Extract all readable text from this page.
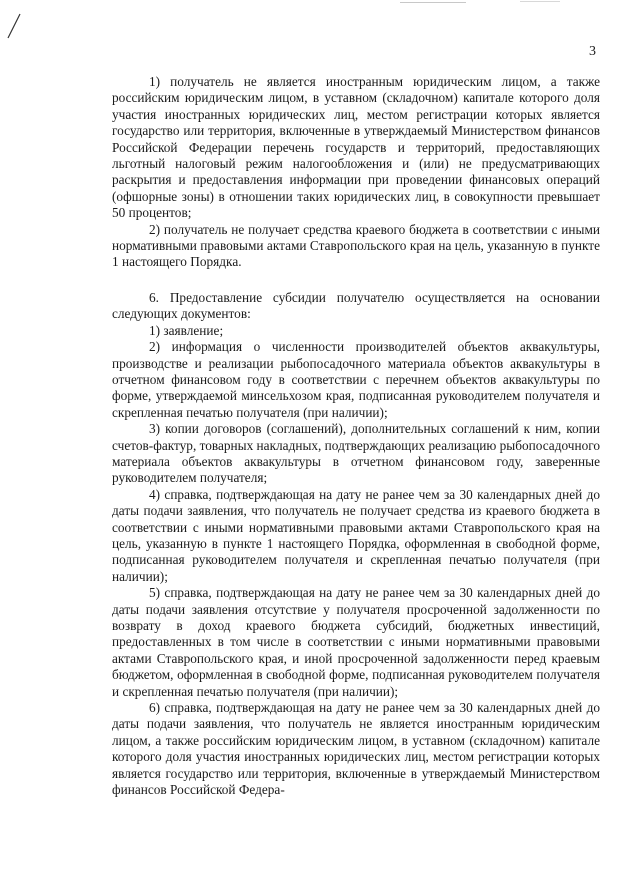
3

1) получатель не является иностранным юридическим лицом, а также российским юридическим лицом, в уставном (складочном) капитале которого доля участия иностранных юридических лиц, местом регистрации которых является государство или территория, включенные в утверждаемый Министерством финансов Российской Федерации перечень государств и территорий, предоставляющих льготный налоговый режим налогообложения и (или) не предусматривающих раскрытия и предоставления информации при проведении финансовых операций (офшорные зоны) в отношении таких юридических лиц, в совокупности превышает 50 процентов;

2) получатель не получает средства краевого бюджета в соответствии с иными нормативными правовыми актами Ставропольского края на цель, указанную в пункте 1 настоящего Порядка.

6. Предоставление субсидии получателю осуществляется на основании следующих документов:

1) заявление;

2) информация о численности производителей объектов аквакультуры, производстве и реализации рыбопосадочного материала объектов аквакультуры в отчетном финансовом году в соответствии с перечнем объектов аквакультуры по форме, утверждаемой минсельхозом края, подписанная руководителем получателя и скрепленная печатью получателя (при наличии);

3) копии договоров (соглашений), дополнительных соглашений к ним, копии счетов-фактур, товарных накладных, подтверждающих реализацию рыбопосадочного материала объектов аквакультуры в отчетном финансовом году, заверенные руководителем получателя;

4) справка, подтверждающая на дату не ранее чем за 30 календарных дней до даты подачи заявления, что получатель не получает средства из краевого бюджета в соответствии с иными нормативными правовыми актами Ставропольского края на цель, указанную в пункте 1 настоящего Порядка, оформленная в свободной форме, подписанная руководителем получателя и скрепленная печатью получателя (при наличии);

5) справка, подтверждающая на дату не ранее чем за 30 календарных дней до даты подачи заявления отсутствие у получателя просроченной задолженности по возврату в доход краевого бюджета субсидий, бюджетных инвестиций, предоставленных в том числе в соответствии с иными нормативными правовыми актами Ставропольского края, и иной просроченной задолженности перед краевым бюджетом, оформленная в свободной форме, подписанная руководителем получателя и скрепленная печатью получателя (при наличии);

6) справка, подтверждающая на дату не ранее чем за 30 календарных дней до даты подачи заявления, что получатель не является иностранным юридическим лицом, а также российским юридическим лицом, в уставном (складочном) капитале которого доля участия иностранных юридических лиц, местом регистрации которых является государство или территория, включенные в утверждаемый Министерством финансов Российской Федера-
